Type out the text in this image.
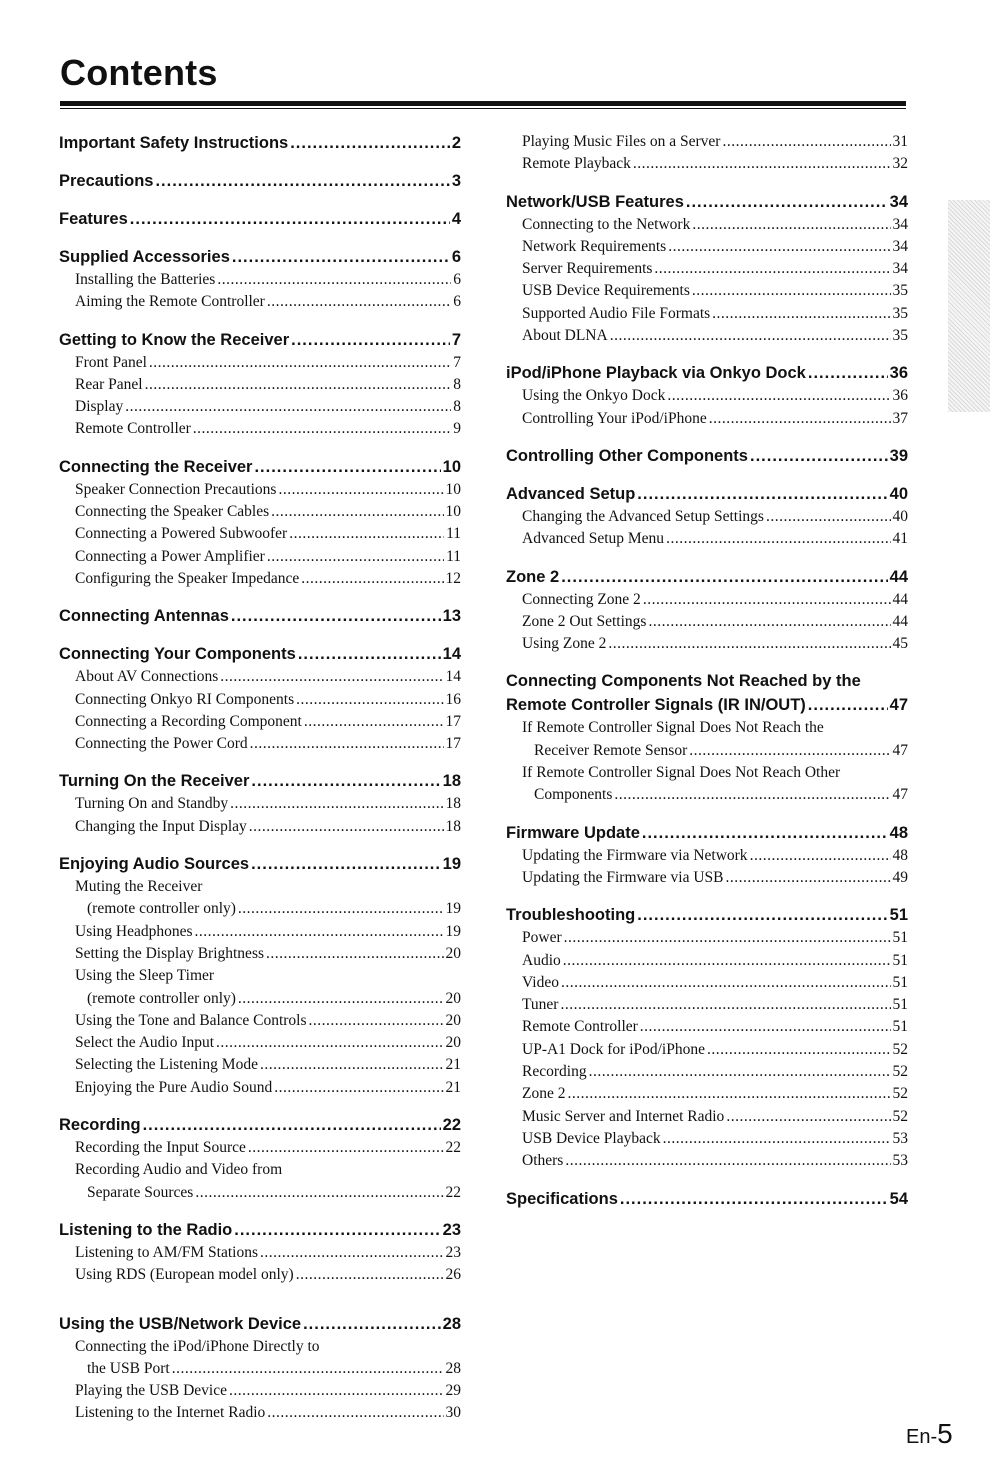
Contents
Important Safety Instructions .....	2
Precautions .....	3
Features .....	4
Supplied Accessories .....	6
Installing the Batteries .....	6
Aiming the Remote Controller .....	6
Getting to Know the Receiver .....	7
Front Panel .....	7
Rear Panel .....	8
Display .....	8
Remote Controller .....	9
Connecting the Receiver .....	10
Speaker Connection Precautions .....	10
Connecting the Speaker Cables .....	10
Connecting a Powered Subwoofer .....	11
Connecting a Power Amplifier .....	11
Configuring the Speaker Impedance .....	12
Connecting Antennas .....	13
Connecting Your Components .....	14
About AV Connections .....	14
Connecting Onkyo RI Components .....	16
Connecting a Recording Component .....	17
Connecting the Power Cord .....	17
Turning On the Receiver .....	18
Turning On and Standby .....	18
Changing the Input Display .....	18
Enjoying Audio Sources .....	19
Muting the Receiver
(remote controller only) .....	19
Using Headphones .....	19
Setting the Display Brightness .....	20
Using the Sleep Timer
(remote controller only) .....	20
Using the Tone and Balance Controls .....	20
Select the Audio Input .....	20
Selecting the Listening Mode .....	21
Enjoying the Pure Audio Sound .....	21
Recording .....	22
Recording the Input Source .....	22
Recording Audio and Video from
Separate Sources .....	22
Listening to the Radio .....	23
Listening to AM/FM Stations .....	23
Using RDS (European model only) .....	26
Using the USB/Network Device .....	28
Connecting the iPod/iPhone Directly to
the USB Port .....	28
Playing the USB Device .....	29
Listening to the Internet Radio .....	30
Playing Music Files on a Server .....	31
Remote Playback .....	32
Network/USB Features .....	34
Connecting to the Network .....	34
Network Requirements .....	34
Server Requirements .....	34
USB Device Requirements .....	35
Supported Audio File Formats .....	35
About DLNA .....	35
iPod/iPhone Playback via Onkyo Dock .....	36
Using the Onkyo Dock .....	36
Controlling Your iPod/iPhone .....	37
Controlling Other Components .....	39
Advanced Setup .....	40
Changing the Advanced Setup Settings .....	40
Advanced Setup Menu .....	41
Zone 2 .....	44
Connecting Zone 2 .....	44
Zone 2 Out Settings .....	44
Using Zone 2 .....	45
Connecting Components Not Reached by the
Remote Controller Signals (IR IN/OUT) .....	47
If Remote Controller Signal Does Not Reach the
Receiver Remote Sensor .....	47
If Remote Controller Signal Does Not Reach Other
Components .....	47
Firmware Update .....	48
Updating the Firmware via Network .....	48
Updating the Firmware via USB .....	49
Troubleshooting .....	51
Power .....	51
Audio .....	51
Video .....	51
Tuner .....	51
Remote Controller .....	51
UP-A1 Dock for iPod/iPhone .....	52
Recording .....	52
Zone 2 .....	52
Music Server and Internet Radio .....	52
USB Device Playback .....	53
Others .....	53
Specifications .....	54
En-5
